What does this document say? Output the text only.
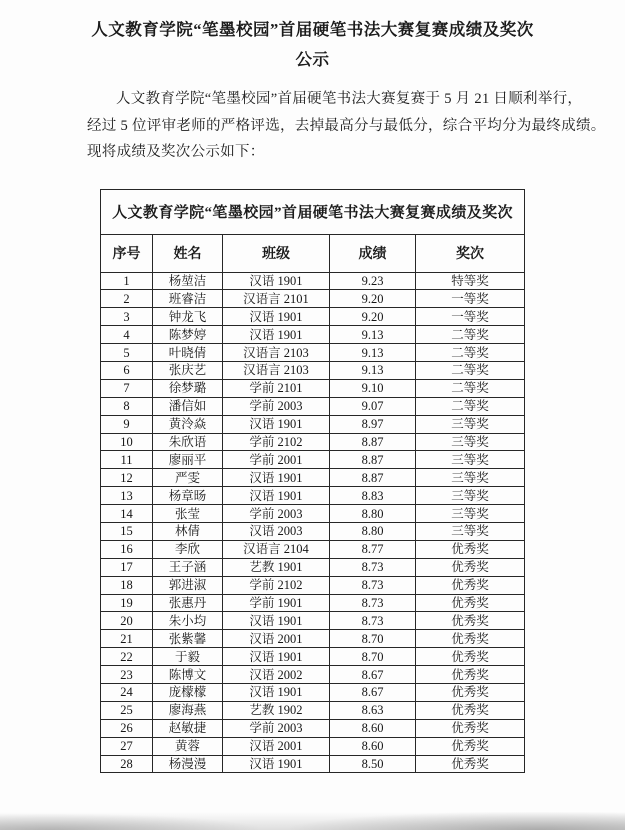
人文教育学院“笔墨校园”首届硬笔书法大赛复赛成绩及奖次
公示
人文教育学院“笔墨校园”首届硬笔书法大赛复赛于 5 月 21 日顺利举行，
经过 5 位评审老师的严格评选，去掉最高分与最低分，综合平均分为最终成绩。
现将成绩及奖次公示如下：
人文教育学院“笔墨校园”首届硬笔书法大赛复赛成绩及奖次				
序号	姓名	班级	成绩	奖次
1	杨堃洁	汉语 1901	9.23	特等奖
2	班睿洁	汉语言 2101	9.20	一等奖
3	钟龙飞	汉语 1901	9.20	一等奖
4	陈梦婷	汉语 1901	9.13	二等奖
5	叶晓倩	汉语言 2103	9.13	二等奖
6	张庆艺	汉语言 2103	9.13	二等奖
7	徐梦璐	学前 2101	9.10	二等奖
8	潘信如	学前 2003	9.07	二等奖
9	黄泠焱	汉语 1901	8.97	三等奖
10	朱欣语	学前 2102	8.87	三等奖
11	廖丽平	学前 2001	8.87	三等奖
12	严雯	汉语 1901	8.87	三等奖
13	杨章旸	汉语 1901	8.83	三等奖
14	张莹	学前 2003	8.80	三等奖
15	林倩	汉语 2003	8.80	三等奖
16	李欣	汉语言 2104	8.77	优秀奖
17	王子涵	艺教 1901	8.73	优秀奖
18	郭进淑	学前 2102	8.73	优秀奖
19	张惠丹	学前 1901	8.73	优秀奖
20	朱小均	汉语 1901	8.73	优秀奖
21	张紫馨	汉语 2001	8.70	优秀奖
22	于毅	汉语 1901	8.70	优秀奖
23	陈博文	汉语 2002	8.67	优秀奖
24	庞檬檬	汉语 1901	8.67	优秀奖
25	廖海燕	艺教 1902	8.63	优秀奖
26	赵敏捷	学前 2003	8.60	优秀奖
27	黄蓉	汉语 2001	8.60	优秀奖
28	杨漫漫	汉语 1901	8.50	优秀奖
